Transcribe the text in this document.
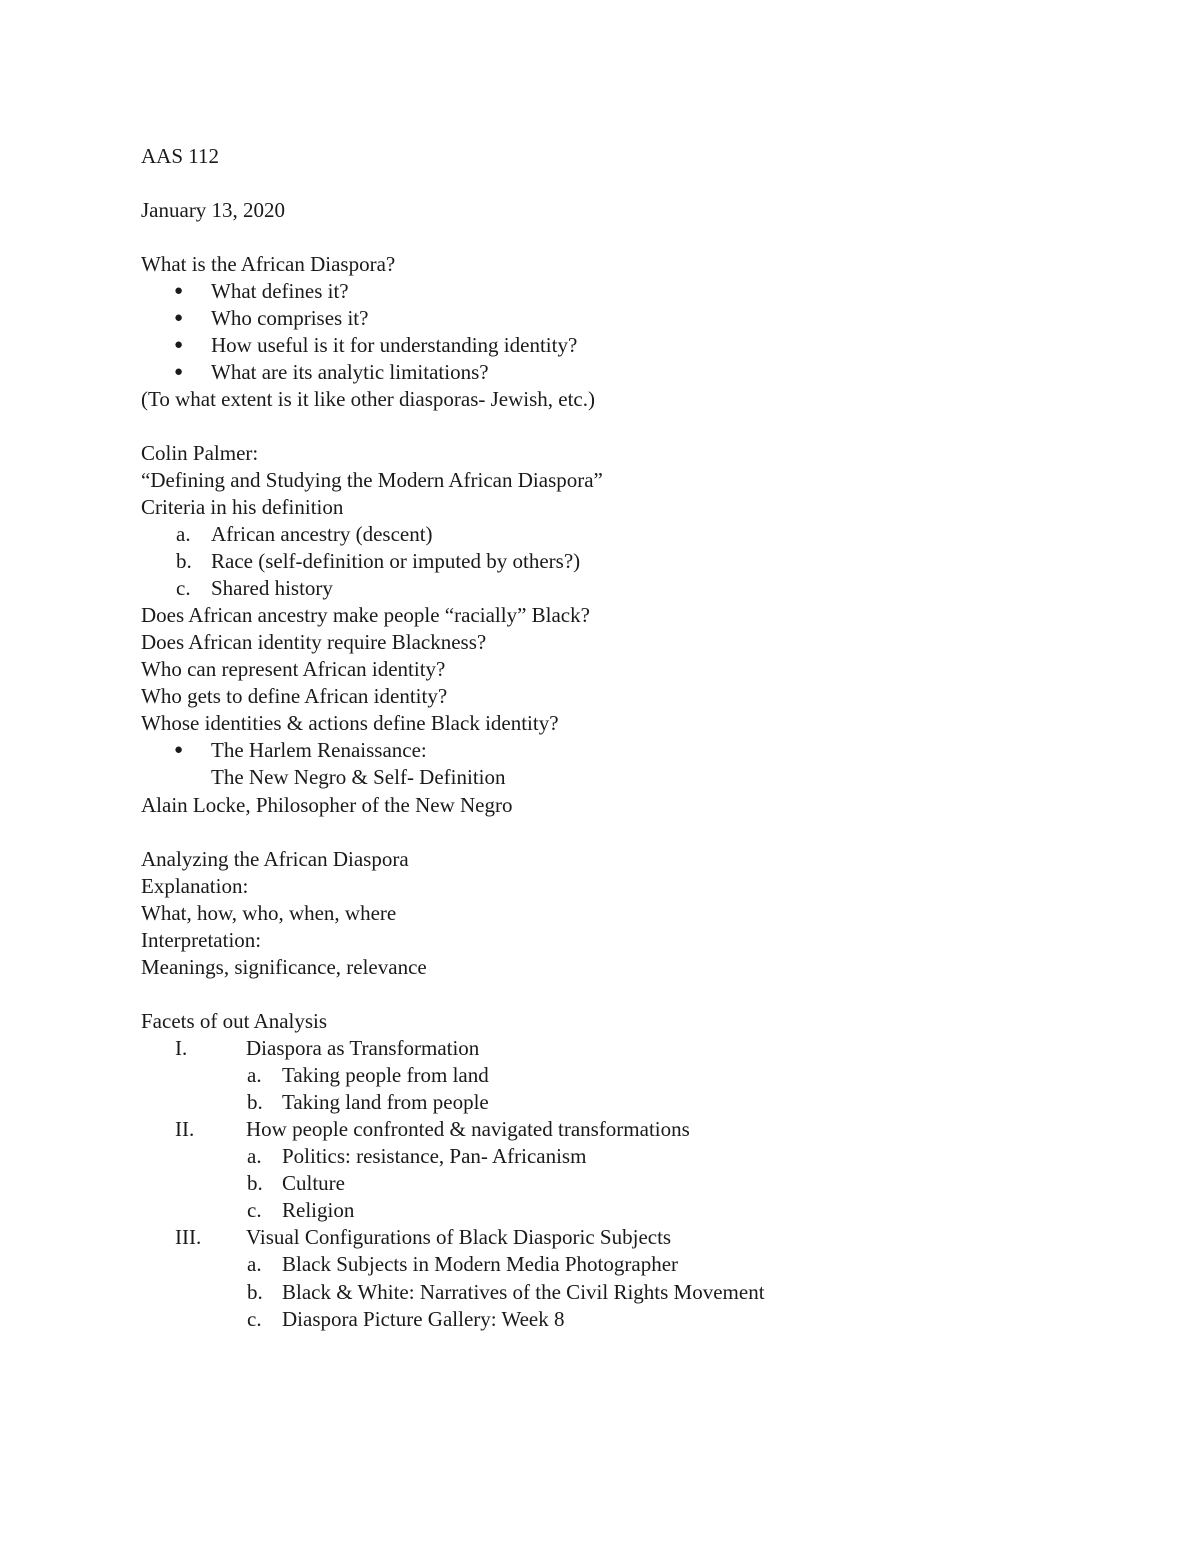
AAS 112
January 13, 2020
What is the African Diaspora?
● What defines it?
● Who comprises it?
● How useful is it for understanding identity?
● What are its analytic limitations?
(To what extent is it like other diasporas- Jewish, etc.)
Colin Palmer:
“Defining and Studying the Modern African Diaspora”
Criteria in his definition
a. African ancestry (descent)
b. Race (self-definition or imputed by others?)
c. Shared history
Does African ancestry make people “racially” Black?
Does African identity require Blackness?
Who can represent African identity?
Who gets to define African identity?
Whose identities & actions define Black identity?
● The Harlem Renaissance:
The New Negro & Self- Definition
Alain Locke, Philosopher of the New Negro
Analyzing the African Diaspora
Explanation:
What, how, who, when, where
Interpretation:
Meanings, significance, relevance
Facets of out Analysis
I.	Diaspora as Transformation
a. Taking people from land
b. Taking land from people
II. How people confronted & navigated transformations
a. Politics: resistance, Pan- Africanism
b. Culture
c. Religion
III. Visual Configurations of Black Diasporic Subjects
a. Black Subjects in Modern Media Photographer
b. Black & White: Narratives of the Civil Rights Movement
c. Diaspora Picture Gallery: Week 8
